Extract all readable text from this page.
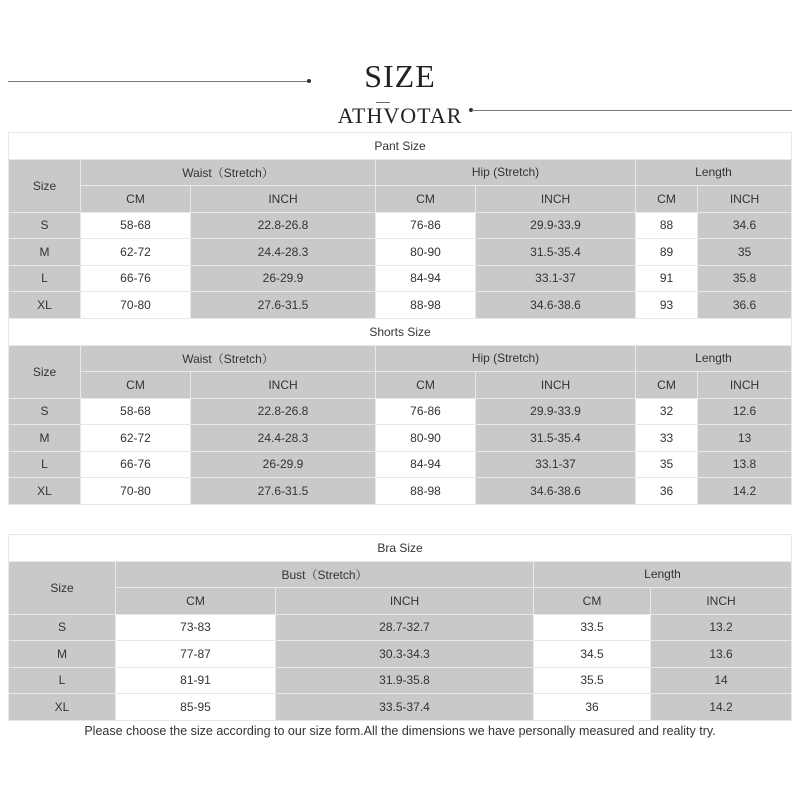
SIZE
ATHVOTAR
Pant Size						
Size	Waist（Stretch）		Hip (Stretch)		Length	
	CM	INCH	CM	INCH	CM	INCH
S	58-68	22.8-26.8	76-86	29.9-33.9	88	34.6
M	62-72	24.4-28.3	80-90	31.5-35.4	89	35
L	66-76	26-29.9	84-94	33.1-37	91	35.8
XL	70-80	27.6-31.5	88-98	34.6-38.6	93	36.6
Shorts Size						
Size	Waist（Stretch）		Hip (Stretch)		Length	
	CM	INCH	CM	INCH	CM	INCH
S	58-68	22.8-26.8	76-86	29.9-33.9	32	12.6
M	62-72	24.4-28.3	80-90	31.5-35.4	33	13
L	66-76	26-29.9	84-94	33.1-37	35	13.8
XL	70-80	27.6-31.5	88-98	34.6-38.6	36	14.2
Bra Size				
Size	Bust（Stretch）		Length	
	CM	INCH	CM	INCH
S	73-83	28.7-32.7	33.5	13.2
M	77-87	30.3-34.3	34.5	13.6
L	81-91	31.9-35.8	35.5	14
XL	85-95	33.5-37.4	36	14.2
Please choose the size according to our size form.All the dimensions we have personally measured and reality try.
